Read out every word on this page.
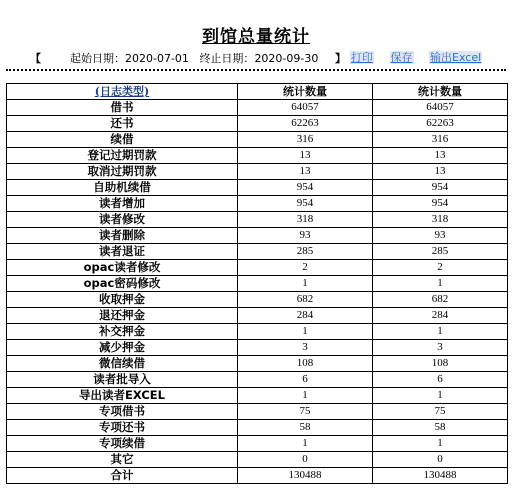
到馆总量统计
【	起始日期：2020-07-01 终止日期：2020-09-30 】 打印 保存 输出Excel
(日志类型)	统计数量	统计数量
借书	64057	64057
还书	62263	62263
续借	316	316
登记过期罚款	13	13
取消过期罚款	13	13
自助机续借	954	954
读者增加	954	954
读者修改	318	318
读者删除	93	93
读者退证	285	285
opac读者修改	2	2
opac密码修改	1	1
收取押金	682	682
退还押金	284	284
补交押金	1	1
减少押金	3	3
微信续借	108	108
读者批导入	6	6
导出读者EXCEL	1	1
专项借书	75	75
专项还书	58	58
专项续借	1	1
其它	0	0
合计	130488	130488
